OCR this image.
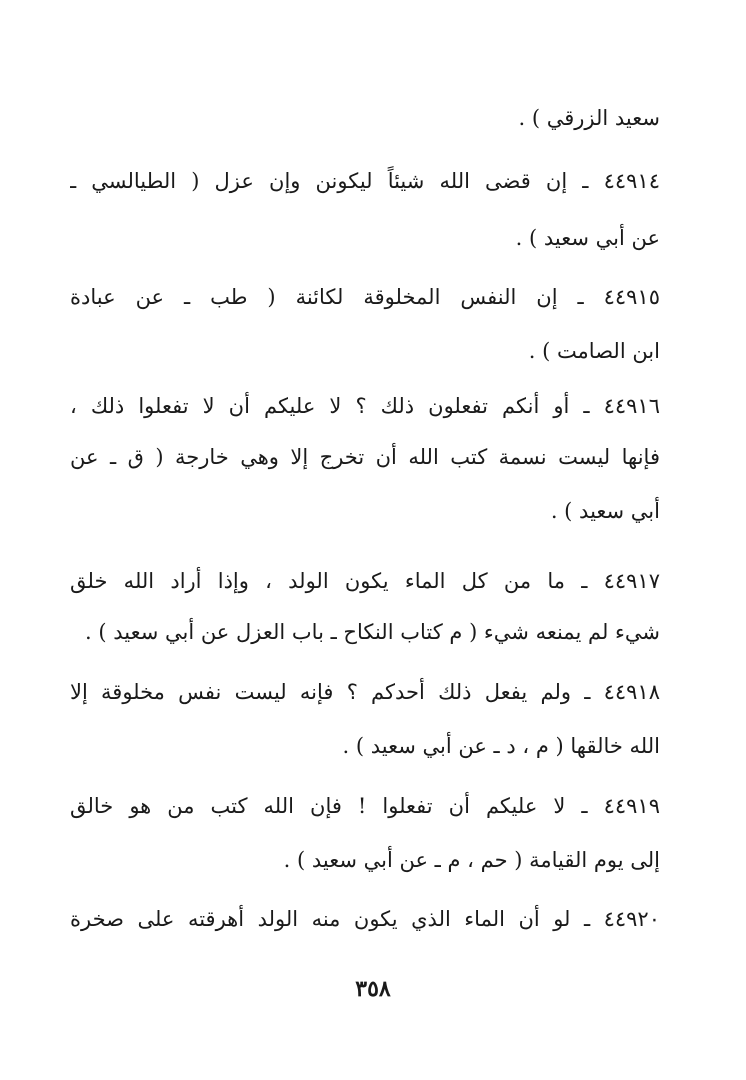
سعيد الزرقي ) .
٤٤٩١٤ ـ إن قضى الله شيئاً ليكونن وإن عزل ( الطيالسي ـ
عن أبي سعيد ) .
٤٤٩١٥ ـ إن النفس المخلوقة لكائنة ( طب ـ عن عبادة
ابن الصامت ) .
٤٤٩١٦ ـ أو أنكم تفعلون ذلك ؟ لا عليكم أن لا تفعلوا ذلك ،
فإنها ليست نسمة كتب الله أن تخرج إلا وهي خارجة ( ق ـ عن
أبي سعيد ) .
٤٤٩١٧ ـ ما من كل الماء يكون الولد ، وإذا أراد الله خلق
شيء لم يمنعه شيء ( م كتاب النكاح ـ باب العزل عن أبي سعيد ) .
٤٤٩١٨ ـ ولم يفعل ذلك أحدكم ؟ فإنه ليست نفس مخلوقة إلا
الله خالقها ( م ، د ـ عن أبي سعيد ) .
٤٤٩١٩ ـ لا عليكم أن تفعلوا ! فإن الله كتب من هو خالق
إلى يوم القيامة ( حم ، م ـ عن أبي سعيد ) .
٤٤٩٢٠ ـ لو أن الماء الذي يكون منه الولد أهرقته على صخرة
٣٥٨
